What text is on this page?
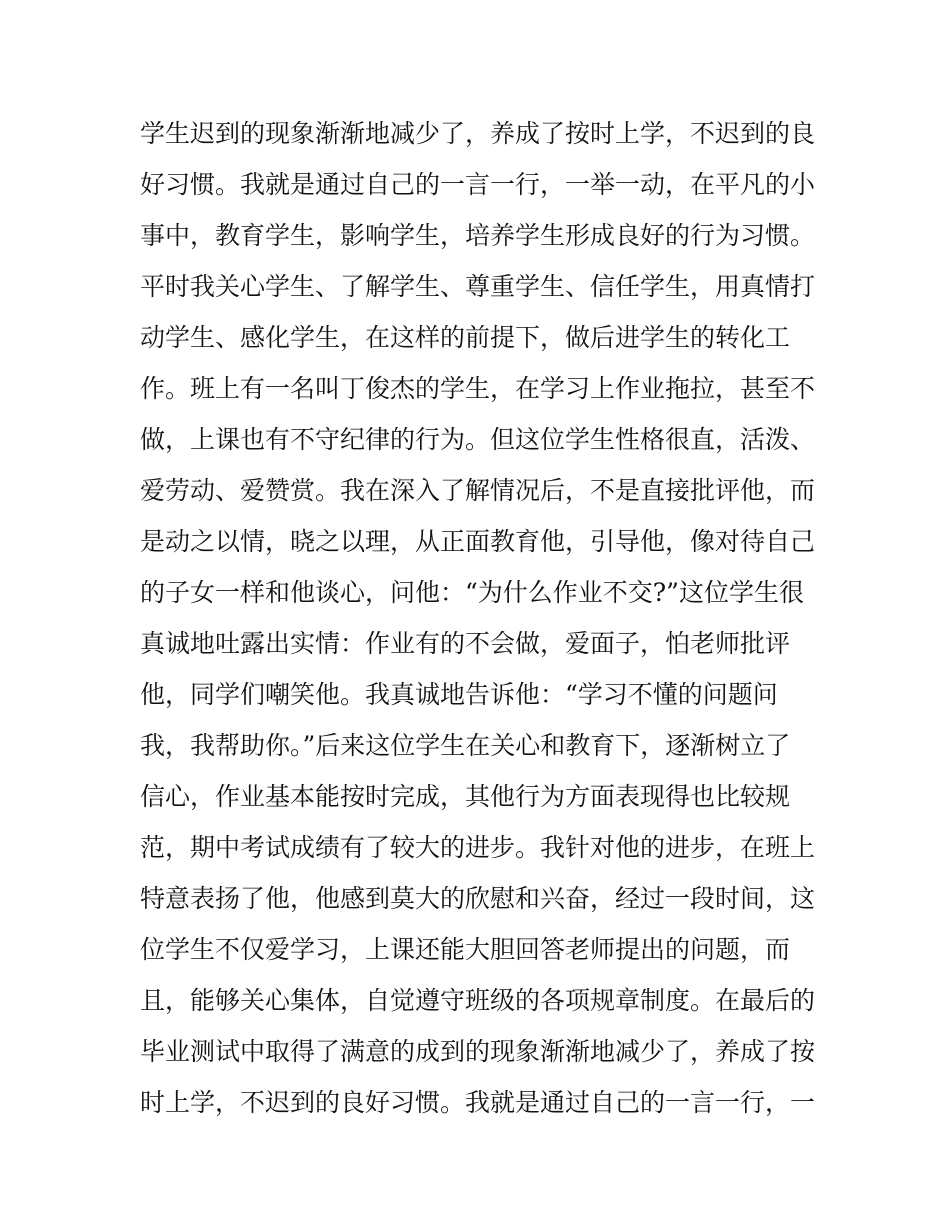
学生迟到的现象渐渐地减少了，养成了按时上学，不迟到的良
好习惯。我就是通过自己的一言一行，一举一动，在平凡的小
事中，教育学生，影响学生，培养学生形成良好的行为习惯。
平时我关心学生、了解学生、尊重学生、信任学生，用真情打
动学生、感化学生，在这样的前提下，做后进学生的转化工
作。班上有一名叫丁俊杰的学生，在学习上作业拖拉，甚至不
做，上课也有不守纪律的行为。但这位学生性格很直，活泼、
爱劳动、爱赞赏。我在深入了解情况后，不是直接批评他，而
是动之以情，晓之以理，从正面教育他，引导他，像对待自己
的子女一样和他谈心，问他：“为什么作业不交?”这位学生很
真诚地吐露出实情：作业有的不会做，爱面子，怕老师批评
他，同学们嘲笑他。我真诚地告诉他：“学习不懂的问题问
我，我帮助你。”后来这位学生在关心和教育下，逐渐树立了
信心，作业基本能按时完成，其他行为方面表现得也比较规
范，期中考试成绩有了较大的进步。我针对他的进步，在班上
特意表扬了他，他感到莫大的欣慰和兴奋，经过一段时间，这
位学生不仅爱学习，上课还能大胆回答老师提出的问题，而
且，能够关心集体，自觉遵守班级的各项规章制度。在最后的
毕业测试中取得了满意的成到的现象渐渐地减少了，养成了按
时上学，不迟到的良好习惯。我就是通过自己的一言一行，一
